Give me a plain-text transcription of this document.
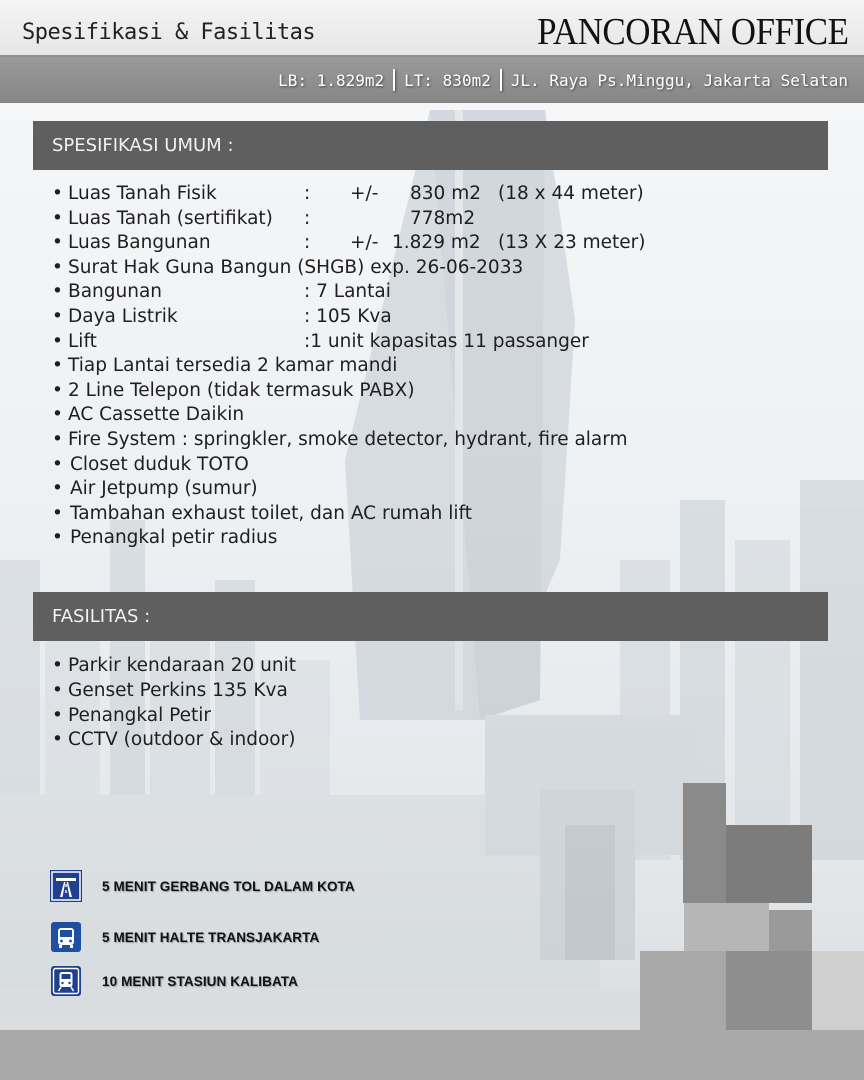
Spesifikasi & Fasilitas	PANCORAN OFFICE
LB: 1.829m2 LT: 830m2 JL. Raya Ps.Minggu, Jakarta Selatan
SPESIFIKASI UMUM :
• Luas Tanah Fisik	: +/- 830 m2 (18 x 44 meter)
• Luas Tanah (sertifikat) :	778m2
• Luas Bangunan	: +/- 1.829 m2 (13 X 23 meter)
• Surat Hak Guna Bangun (SHGB) exp. 26-06-2033
• Bangunan	: 7 Lantai
• Daya Listrik	: 105 Kva
• Lift	:1 unit kapasitas 11 passanger
• Tiap Lantai tersedia 2 kamar mandi
• 2 Line Telepon (tidak termasuk PABX)
• AC Cassette Daikin
• Fire System : springkler, smoke detector, hydrant, fire alarm
• Closet duduk TOTO
• Air Jetpump (sumur)
• Tambahan exhaust toilet, dan AC rumah lift
• Penangkal petir radius
FASILITAS :
• Parkir kendaraan 20 unit
• Genset Perkins 135 Kva
• Penangkal Petir
• CCTV (outdoor & indoor)
5 MENIT GERBANG TOL DALAM KOTA
5 MENIT HALTE TRANSJAKARTA
10 MENIT STASIUN KALIBATA
